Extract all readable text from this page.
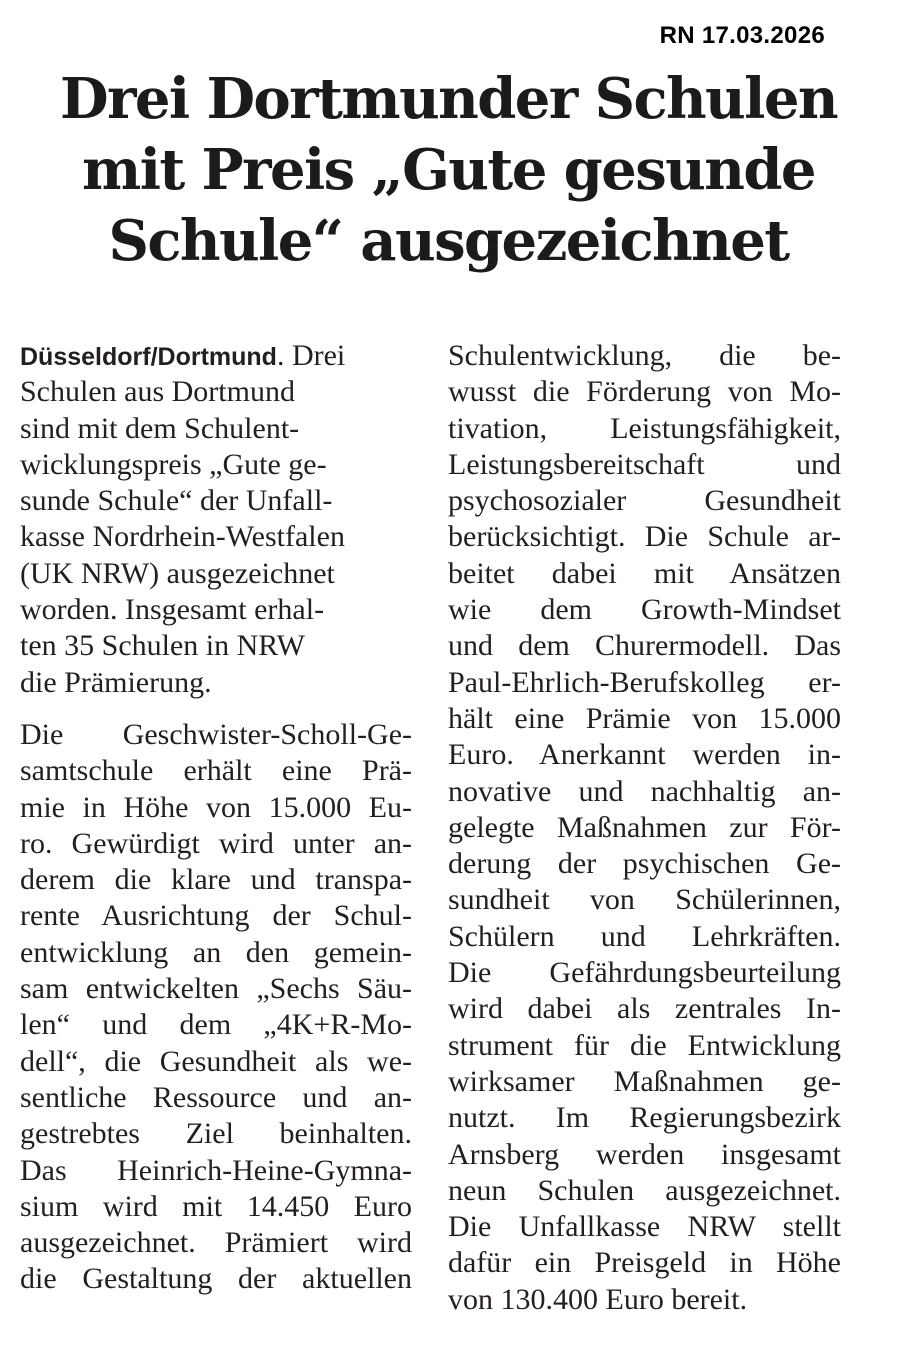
RN 17.03.2026
Drei Dortmunder Schulen
mit Preis „Gute gesunde
Schule“ ausgezeichnet
Düsseldorf/Dortmund. Drei
Schulen aus Dortmund
sind mit dem Schulent-
wicklungspreis „Gute ge-
sunde Schule“ der Unfall-
kasse Nordrhein-Westfalen
(UK NRW) ausgezeichnet
worden. Insgesamt erhal-
ten 35 Schulen in NRW
die Prämierung.
Die Geschwister-Scholl-Ge-
samtschule erhält eine Prä-
mie in Höhe von 15.000 Eu-
ro. Gewürdigt wird unter an-
derem die klare und transpa-
rente Ausrichtung der Schul-
entwicklung an den gemein-
sam entwickelten „Sechs Säu-
len“ und dem „4K+R-Mo-
dell“, die Gesundheit als we-
sentliche Ressource und an-
gestrebtes Ziel beinhalten.
Das Heinrich-Heine-Gymna-
sium wird mit 14.450 Euro
ausgezeichnet. Prämiert wird
die Gestaltung der aktuellen
Schulentwicklung, die be-
wusst die Förderung von Mo-
tivation, Leistungsfähigkeit,
Leistungsbereitschaft und
psychosozialer Gesundheit
berücksichtigt. Die Schule ar-
beitet dabei mit Ansätzen
wie dem Growth-Mindset
und dem Churermodell. Das
Paul-Ehrlich-Berufskolleg er-
hält eine Prämie von 15.000
Euro. Anerkannt werden in-
novative und nachhaltig an-
gelegte Maßnahmen zur För-
derung der psychischen Ge-
sundheit von Schülerinnen,
Schülern und Lehrkräften.
Die Gefährdungsbeurteilung
wird dabei als zentrales In-
strument für die Entwicklung
wirksamer Maßnahmen ge-
nutzt. Im Regierungsbezirk
Arnsberg werden insgesamt
neun Schulen ausgezeichnet.
Die Unfallkasse NRW stellt
dafür ein Preisgeld in Höhe
von 130.400 Euro bereit.
